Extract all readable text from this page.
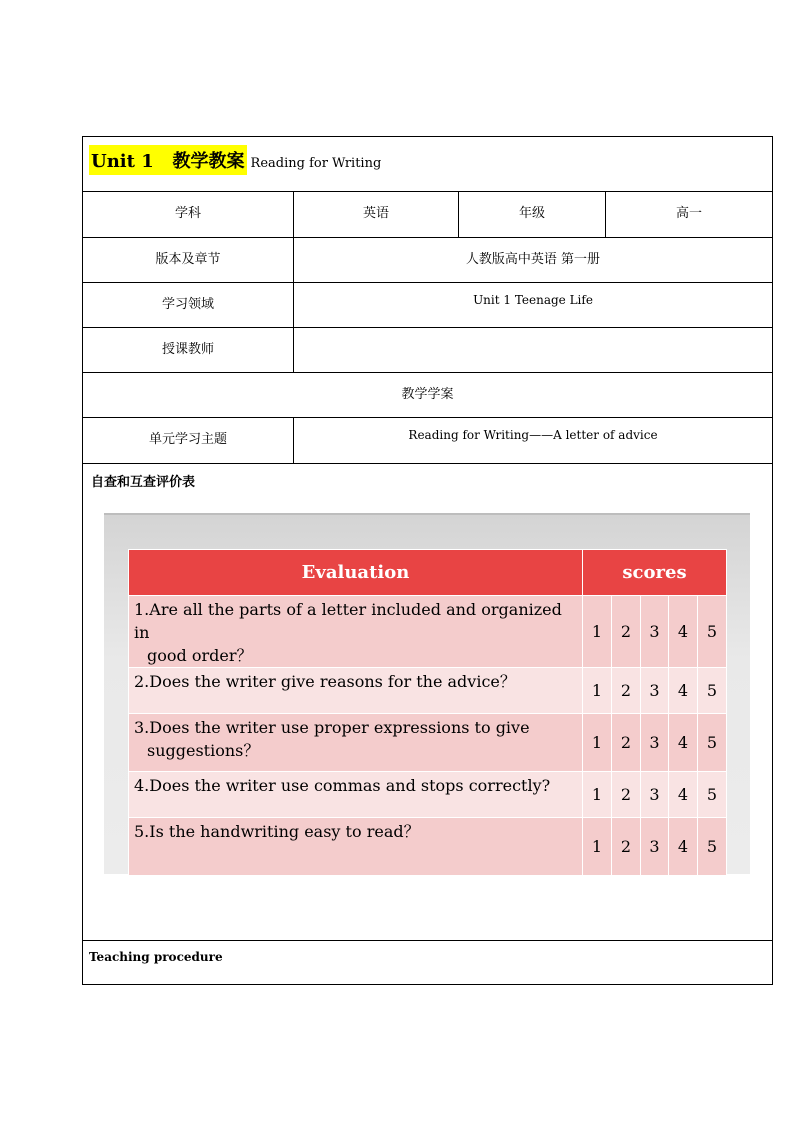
Unit 1   教学教案 Reading for Writing
学科	英语	年级	高一
版本及章节	人教版高中英语 第一册
学习领域	Unit 1 Teenage Life
授课教师
教学学案
单元学习主题	Reading for Writing——A letter of advice
自查和互查评价表
Teaching procedure
Evaluation	scores				

1.Are all the parts of a letter included and organized in
good order？	1	2	3	4	5

2.Does the writer give reasons for the advice？	1	2	3	4	5

3.Does the writer use proper expressions to give
suggestions？	1	2	3	4	5

4.Does the writer use commas and stops correctly?	1	2	3	4	5

5.Is the handwriting easy to read？	1	2	3	4	5
